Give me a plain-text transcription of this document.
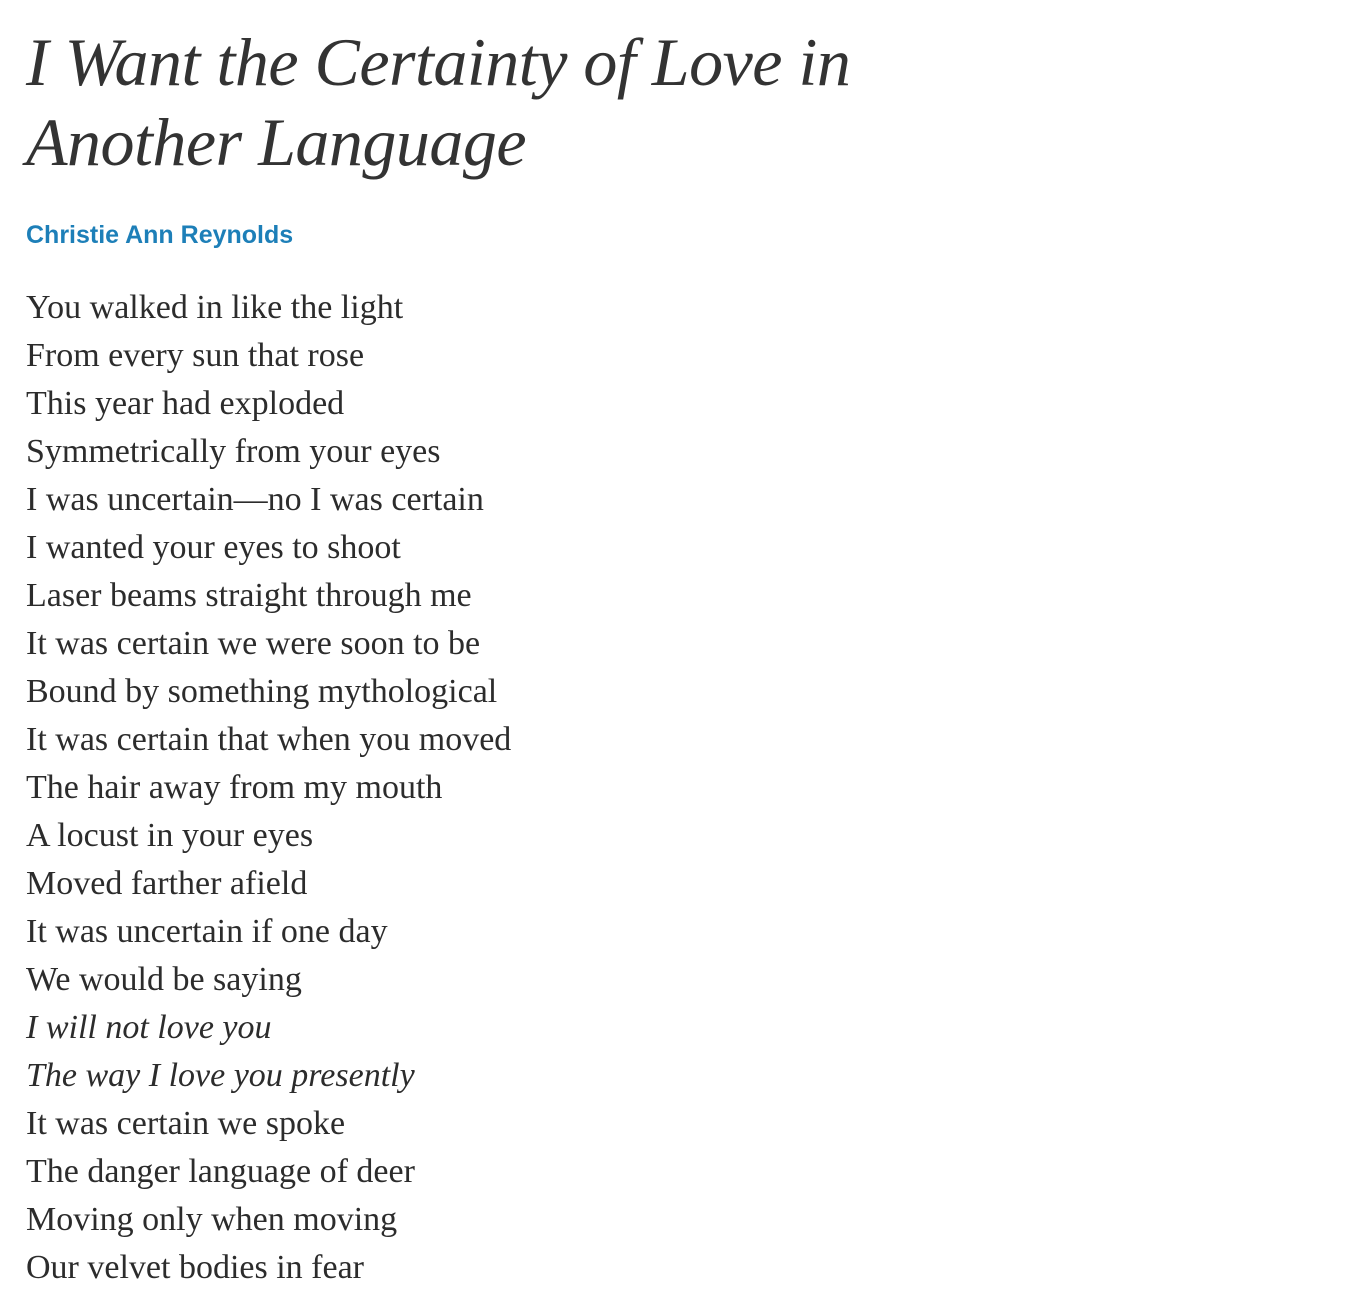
I Want the Certainty of Love in
Another Language
Christie Ann Reynolds
You walked in like the light
From every sun that rose
This year had exploded
Symmetrically from your eyes
I was uncertain—no I was certain
I wanted your eyes to shoot
Laser beams straight through me
It was certain we were soon to be
Bound by something mythological
It was certain that when you moved
The hair away from my mouth
A locust in your eyes
Moved farther afield
It was uncertain if one day
We would be saying
I will not love you
The way I love you presently
It was certain we spoke
The danger language of deer
Moving only when moving
Our velvet bodies in fear
